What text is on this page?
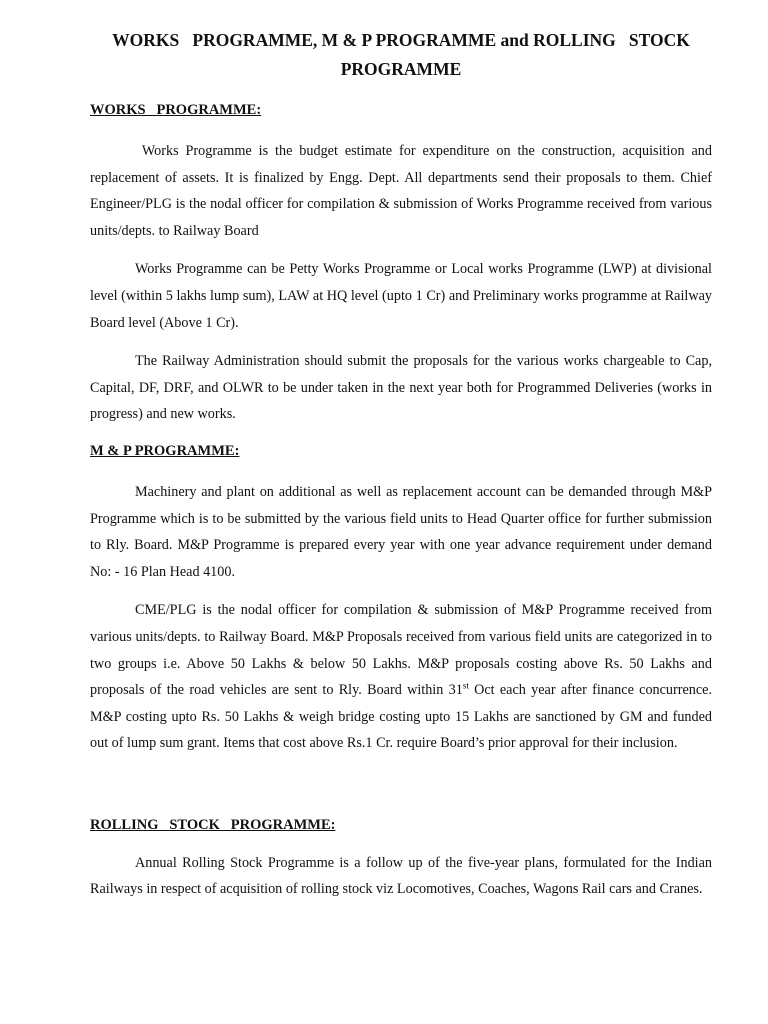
WORKS   PROGRAMME, M & P PROGRAMME and ROLLING   STOCK
PROGRAMME
WORKS   PROGRAMME:

Works Programme is the budget estimate for expenditure on the construction, acquisition and replacement of assets. It is finalized by Engg. Dept. All departments send their proposals to them. Chief Engineer/PLG is the nodal officer for compilation & submission of Works Programme received from various units/depts. to Railway Board

Works Programme can be Petty Works Programme or Local works Programme (LWP) at divisional level (within 5 lakhs lump sum), LAW at HQ level (upto 1 Cr) and Preliminary works programme at Railway Board level (Above 1 Cr).

The Railway Administration should submit the proposals for the various works chargeable to Cap, Capital, DF, DRF, and OLWR to be under taken in the next year both for Programmed Deliveries (works in progress) and new works.

M & P PROGRAMME:

Machinery and plant on additional as well as replacement account can be demanded through M&P Programme which is to be submitted by the various field units to Head Quarter office for further submission to Rly. Board. M&P Programme is prepared every year with one year advance requirement under demand No: - 16 Plan Head 4100.

CME/PLG is the nodal officer for compilation & submission of M&P Programme received from various units/depts. to Railway Board. M&P Proposals received from various field units are categorized in to two groups i.e. Above 50 Lakhs & below 50 Lakhs. M&P proposals costing above Rs. 50 Lakhs and proposals of the road vehicles are sent to Rly. Board within 31st Oct each year after finance concurrence. M&P costing upto Rs. 50 Lakhs & weigh bridge costing upto 15 Lakhs are sanctioned by GM and funded out of lump sum grant. Items that cost above Rs.1 Cr. require Board’s prior approval for their inclusion.

ROLLING   STOCK   PROGRAMME:

Annual Rolling Stock Programme is a follow up of the five-year plans, formulated for the Indian Railways in respect of acquisition of rolling stock viz Locomotives, Coaches, Wagons Rail cars and Cranes.
